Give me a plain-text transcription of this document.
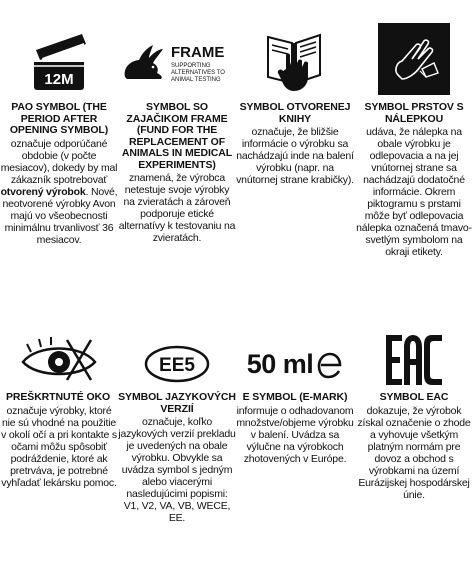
12M
PAO SYMBOL (THE PERIOD AFTER OPENING SYMBOL)
označuje odporúčané obdobie (v počte mesiacov), dokedy by mal zákazník spotrebovať otvorený výrobok. Nové, neotvorené výrobky Avon majú vo všeobecnosti minimálnu trvanlivosť 36 mesiacov.
FRAME
SUPPORTING
ALTERNATIVES TO
ANIMAL TESTING
SYMBOL SO ZAJAČIKOM FRAME (FUND FOR THE REPLACEMENT OF ANIMALS IN MEDICAL EXPERIMENTS)
znamená, že výrobca netestuje svoje výrobky na zvieratách a zároveň podporuje etické alternatívy k testovaniu na zvieratách.
SYMBOL OTVORENEJ KNIHY
označuje, že bližšie informácie o výrobku sa nachádzajú inde na balení výrobku (napr. na vnútornej strane krabičky).
SYMBOL PRSTOV S NÁLEPKOU
udáva, že nálepka na obale výrobku je odlepovacia a na jej vnútornej strane sa nachádzajú dodatočné informácie. Okrem piktogramu s prstami môže byť odlepovacia nálepka označená tmavo-svetlým symbolom na okraji etikety.
PREŠKRTNUTÉ OKO
označuje výrobky, ktoré nie sú vhodné na použitie v okolí očí a pri kontakte s očami môžu spôsobiť podráždenie, ktoré ak pretrváva, je potrebné vyhľadať lekársku pomoc.
EE5
SYMBOL JAZYKOVÝCH VERZIÍ
označuje, koľko jazykových verzií prekladu je uvedených na obale výrobku. Obvykle sa uvádza symbol s jedným alebo viacerými nasledujúcimi popismi: V1, V2, VA, VB, WECE, EE.
50 ml
E SYMBOL (E-MARK)
informuje o odhadovanom množstve/objeme výrobku v balení. Uvádza sa výlučne na výrobkoch zhotovených v Európe.
SYMBOL EAC
dokazuje, že výrobok získal označenie o zhode a vyhovuje všetkým platným normám pre dovoz a obchod s výrobkami na území Eurázijskej hospodárskej únie.
